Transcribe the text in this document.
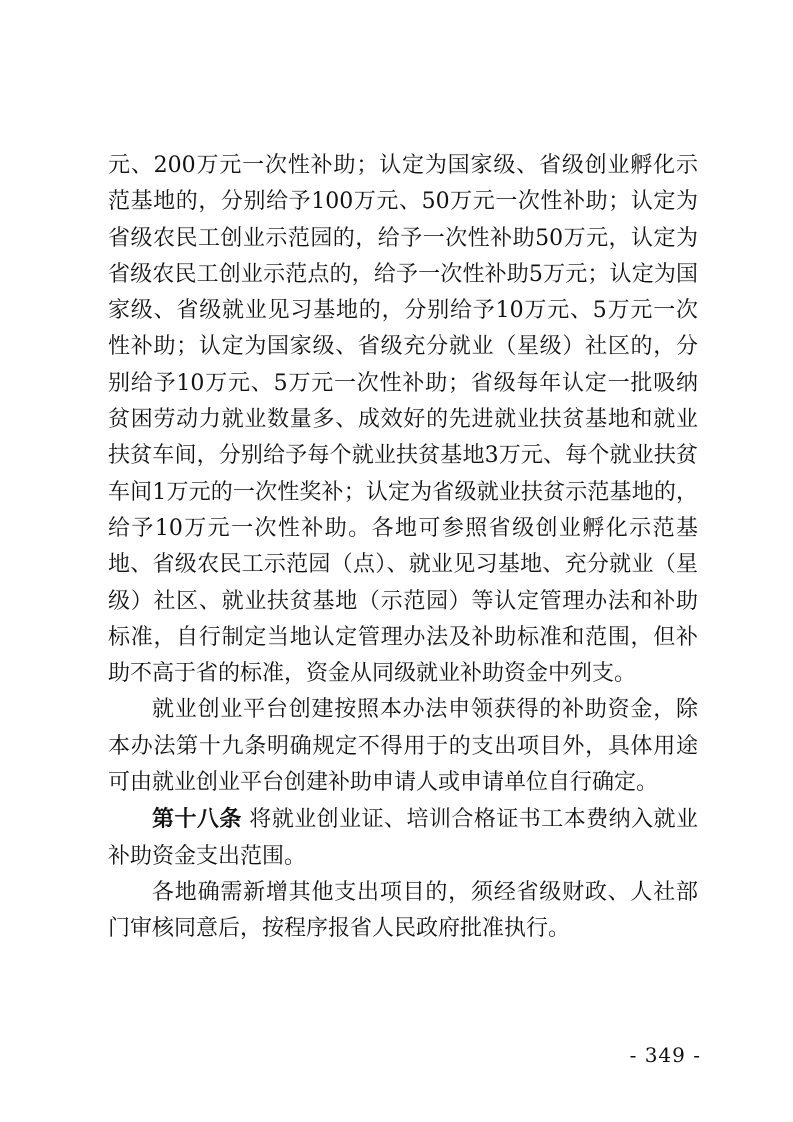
元、200万元一次性补助；认定为国家级、省级创业孵化示范基地的，分别给予100万元、50万元一次性补助；认定为省级农民工创业示范园的，给予一次性补助50万元，认定为省级农民工创业示范点的，给予一次性补助5万元；认定为国家级、省级就业见习基地的，分别给予10万元、5万元一次性补助；认定为国家级、省级充分就业（星级）社区的，分别给予10万元、5万元一次性补助；省级每年认定一批吸纳贫困劳动力就业数量多、成效好的先进就业扶贫基地和就业扶贫车间，分别给予每个就业扶贫基地3万元、每个就业扶贫车间1万元的一次性奖补；认定为省级就业扶贫示范基地的，给予10万元一次性补助。各地可参照省级创业孵化示范基地、省级农民工示范园（点）、就业见习基地、充分就业（星级）社区、就业扶贫基地（示范园）等认定管理办法和补助标准，自行制定当地认定管理办法及补助标准和范围，但补助不高于省的标准，资金从同级就业补助资金中列支。

就业创业平台创建按照本办法申领获得的补助资金，除本办法第十九条明确规定不得用于的支出项目外，具体用途可由就业创业平台创建补助申请人或申请单位自行确定。

第十八条 将就业创业证、培训合格证书工本费纳入就业补助资金支出范围。

各地确需新增其他支出项目的，须经省级财政、人社部门审核同意后，按程序报省人民政府批准执行。

- 349 -
